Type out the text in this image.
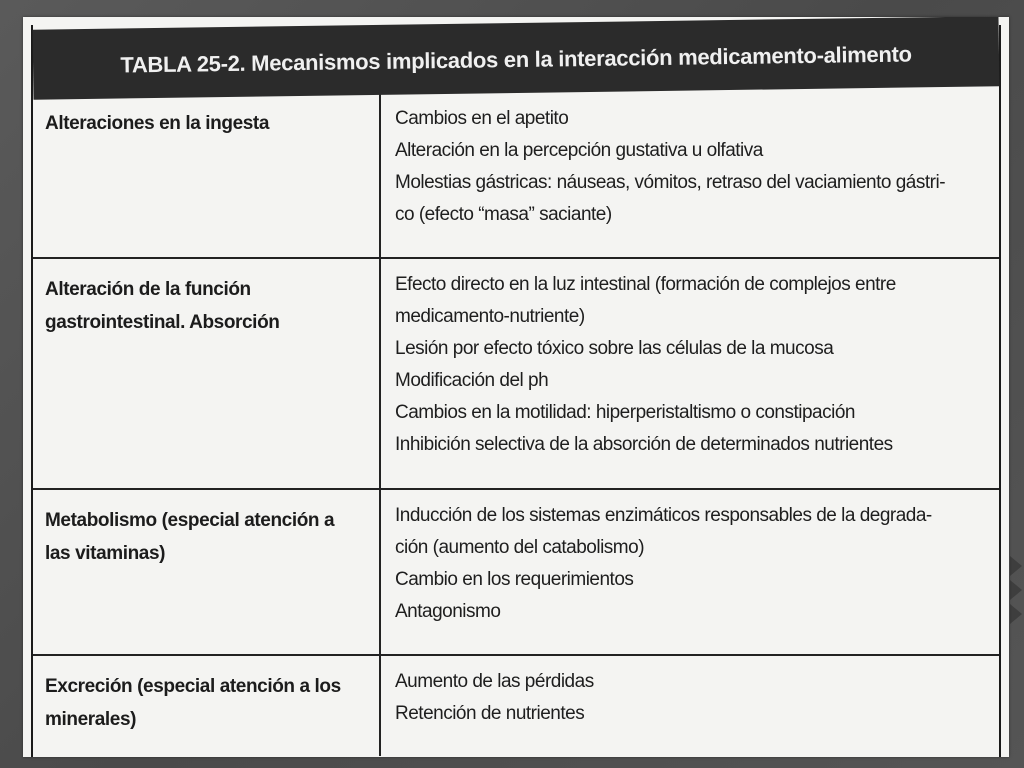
TABLA 25-2. Mecanismos implicados en la interacción medicamento-alimento
Alteraciones en la ingesta	Cambios en el apetito
Alteración en la percepción gustativa u olfativa
Molestias gástricas: náuseas, vómitos, retraso del vaciamiento gástri-
co (efecto “masa” saciante)
Alteración de la función
gastrointestinal. Absorción
Efecto directo en la luz intestinal (formación de complejos entre
medicamento-nutriente)
Lesión por efecto tóxico sobre las células de la mucosa
Modificación del ph
Cambios en la motilidad: hiperperistaltismo o constipación
Inhibición selectiva de la absorción de determinados nutrientes
Metabolismo (especial atención a
las vitaminas)
Inducción de los sistemas enzimáticos responsables de la degrada-
ción (aumento del catabolismo)
Cambio en los requerimientos
Antagonismo
Excreción (especial atención a los
minerales)
Aumento de las pérdidas
Retención de nutrientes
